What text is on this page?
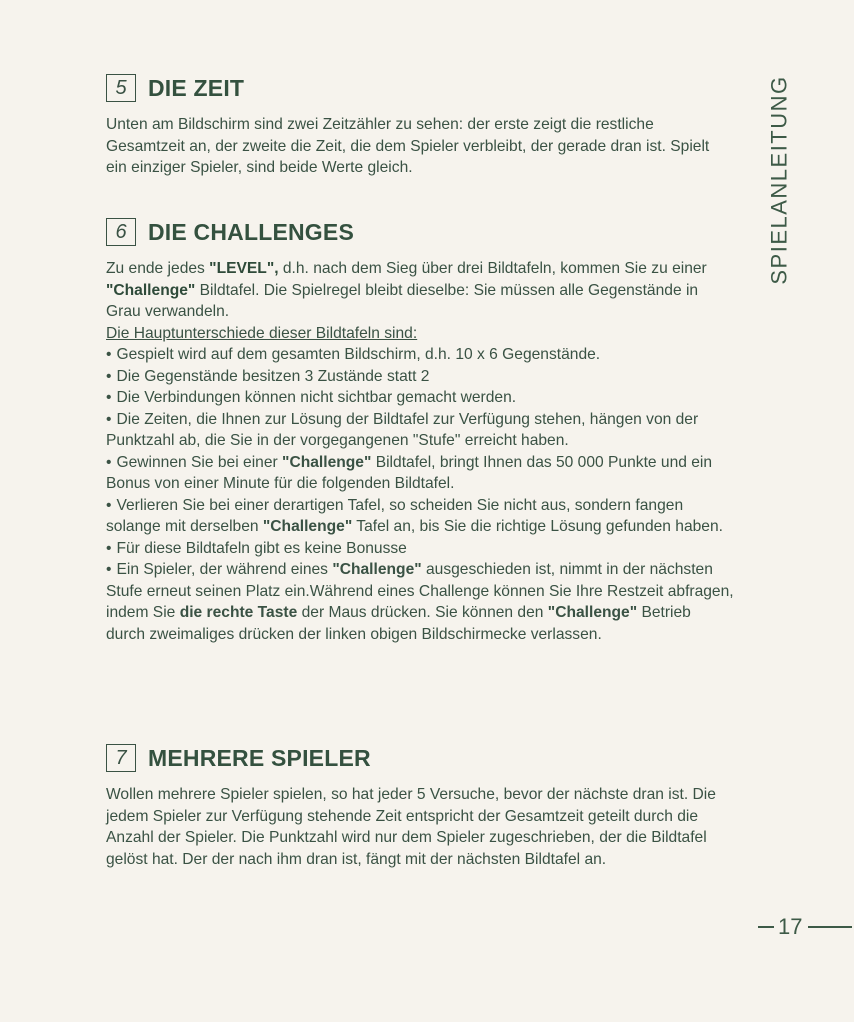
5 DIE ZEIT

Unten am Bildschirm sind zwei Zeitzähler zu sehen: der erste zeigt die restliche Gesamtzeit an, der zweite die Zeit, die dem Spieler verbleibt, der gerade dran ist. Spielt ein einziger Spieler, sind beide Werte gleich.

6 DIE CHALLENGES

Zu ende jedes "LEVEL", d.h. nach dem Sieg über drei Bildtafeln, kommen Sie zu einer "Challenge" Bildtafel. Die Spielregel bleibt dieselbe: Sie müssen alle Gegenstände in Grau verwandeln.

Die Hauptunterschiede dieser Bildtafeln sind:

• Gespielt wird auf dem gesamten Bildschirm, d.h. 10 x 6 Gegenstände.

• Die Gegenstände besitzen 3 Zustände statt 2

• Die Verbindungen können nicht sichtbar gemacht werden.

• Die Zeiten, die Ihnen zur Lösung der Bildtafel zur Verfügung stehen, hängen von der Punktzahl ab, die Sie in der vorgegangenen "Stufe" erreicht haben.

• Gewinnen Sie bei einer "Challenge" Bildtafel, bringt Ihnen das 50 000 Punkte und ein Bonus von einer Minute für die folgenden Bildtafel.

• Verlieren Sie bei einer derartigen Tafel, so scheiden Sie nicht aus, sondern fangen solange mit derselben "Challenge" Tafel an, bis Sie die richtige Lösung gefunden haben.

• Für diese Bildtafeln gibt es keine Bonusse

• Ein Spieler, der während eines "Challenge" ausgeschieden ist, nimmt in der nächsten Stufe erneut seinen Platz ein.Während eines Challenge können Sie Ihre Restzeit abfragen, indem Sie die rechte Taste der Maus drücken. Sie können den "Challenge" Betrieb durch zweimaliges drücken der linken obigen Bildschirmecke verlassen.

7 MEHRERE SPIELER

Wollen mehrere Spieler spielen, so hat jeder 5 Versuche, bevor der nächste dran ist. Die jedem Spieler zur Verfügung stehende Zeit entspricht der Gesamtzeit geteilt durch die Anzahl der Spieler. Die Punktzahl wird nur dem Spieler zugeschrieben, der die Bildtafel gelöst hat. Der der nach ihm dran ist, fängt mit der nächsten Bildtafel an.

SPIELANLEITUNG
17
